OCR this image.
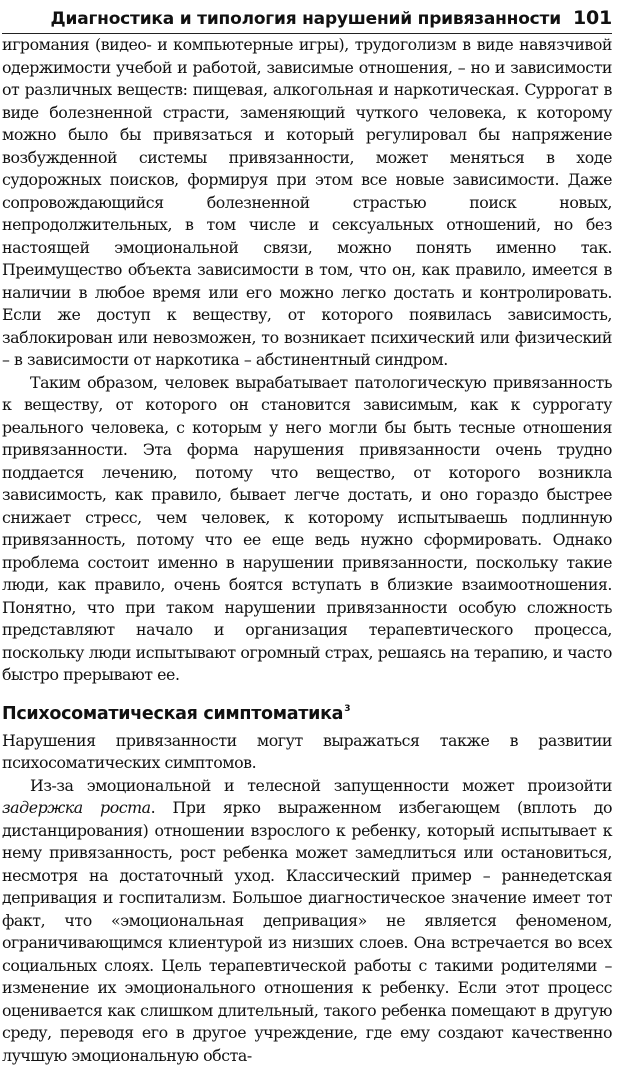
Диагностика и типология нарушений привязанности 101

игромания (видео- и компьютерные игры), трудоголизм в виде навязчивой одержимости учебой и работой, зависимые отношения, – но и зависимости от различных веществ: пищевая, алкогольная и наркотическая. Суррогат в виде болезненной страсти, заменяющий чуткого человека, к которому можно было бы привязаться и который регулировал бы напряжение возбужденной системы привязанности, может меняться в ходе судорожных поисков, формируя при этом все новые зависимости. Даже сопровождающийся болезненной страстью поиск новых, непродолжительных, в том числе и сексуальных отношений, но без настоящей эмоциональной связи, можно понять именно так. Преимущество объекта зависимости в том, что он, как правило, имеется в наличии в любое время или его можно легко достать и контролировать. Если же доступ к веществу, от которого появилась зависимость, заблокирован или невозможен, то возникает психический или физический – в зависимости от наркотика – абстинентный синдром.

Таким образом, человек вырабатывает патологическую привязанность к веществу, от которого он становится зависимым, как к суррогату реального человека, с которым у него могли бы быть тесные отношения привязанности. Эта форма нарушения привязанности очень трудно поддается лечению, потому что вещество, от которого возникла зависимость, как правило, бывает легче достать, и оно гораздо быстрее снижает стресс, чем человек, к которому испытываешь подлинную привязанность, потому что ее еще ведь нужно сформировать. Однако проблема состоит именно в нарушении привязанности, поскольку такие люди, как правило, очень боятся вступать в близкие взаимоотношения. Понятно, что при таком нарушении привязанности особую сложность представляют начало и организация терапевтического процесса, поскольку люди испытывают огромный страх, решаясь на терапию, и часто быстро прерывают ее.

Психосоматическая симптоматика$^3$

Нарушения привязанности могут выражаться также в развитии психосоматических симптомов.

Из-за эмоциональной и телесной запущенности может произойти задержка роста. При ярко выраженном избегающем (вплоть до дистанцирования) отношении взрослого к ребенку, который испытывает к нему привязанность, рост ребенка может замедлиться или остановиться, несмотря на достаточный уход. Классический пример – раннедетская депривация и госпитализм. Большое диагностическое значение имеет тот факт, что «эмоциональная депривация» не является феноменом, ограничивающимся клиентурой из низших слоев. Она встречается во всех социальных слоях. Цель терапевтической работы с такими родителями – изменение их эмоционального отношения к ребенку. Если этот процесс оценивается как слишком длительный, такого ребенка помещают в другую среду, переводя его в другое учреждение, где ему создают качественно лучшую эмоциональную обста-
